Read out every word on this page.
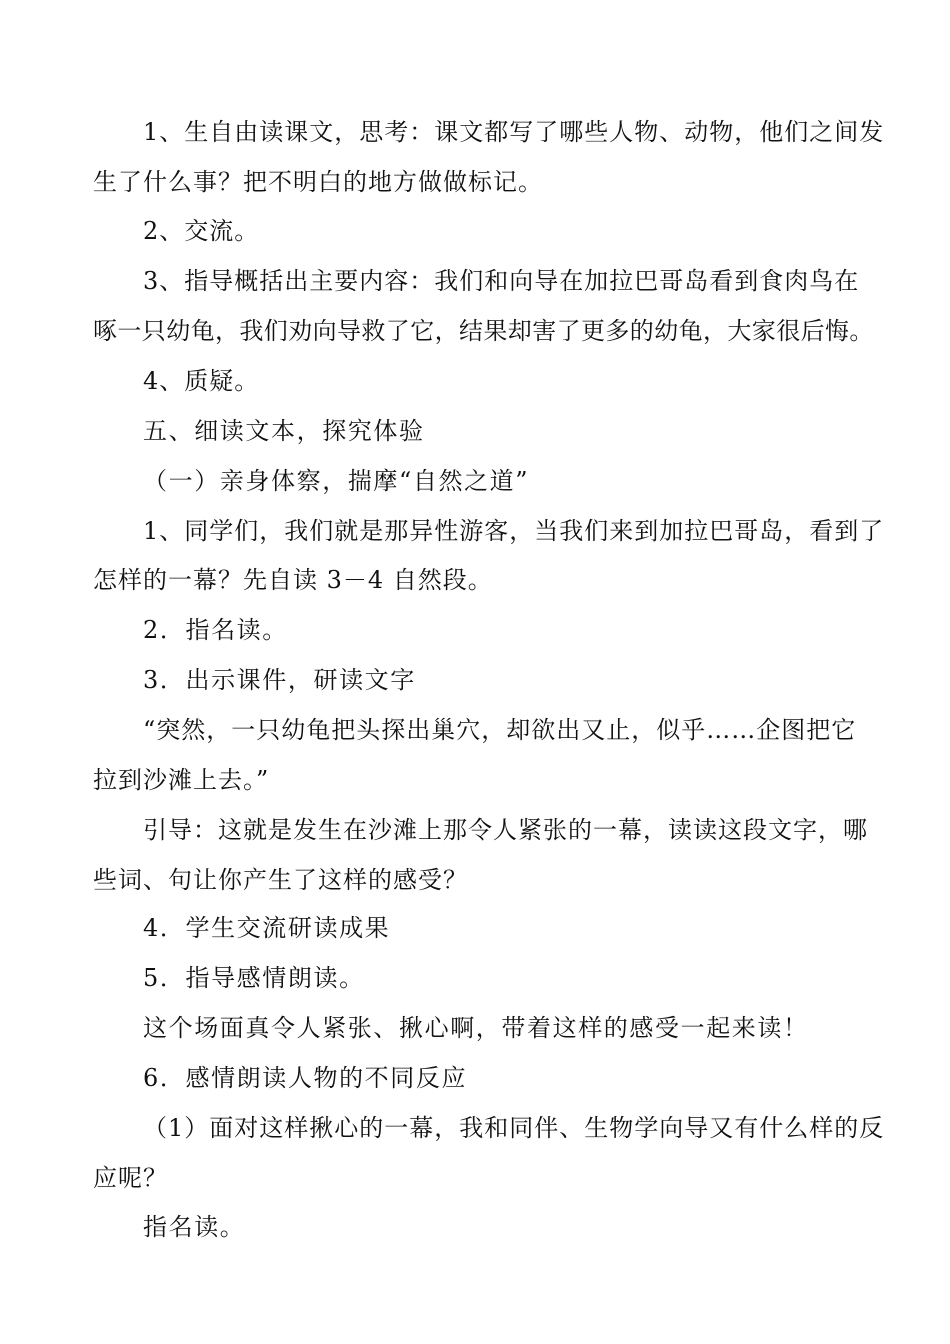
1、生自由读课文，思考：课文都写了哪些人物、动物，他们之间发
生了什么事？把不明白的地方做做标记。
2、交流。
3、指导概括出主要内容：我们和向导在加拉巴哥岛看到食肉鸟在
啄一只幼龟，我们劝向导救了它，结果却害了更多的幼龟，大家很后悔。
4、质疑。
五、细读文本，探究体验
（一）亲身体察，揣摩“自然之道”
1、同学们，我们就是那异性游客，当我们来到加拉巴哥岛，看到了
怎样的一幕？先自读 3－4 自然段。
2．指名读。
3．出示课件，研读文字
“突然，一只幼龟把头探出巢穴，却欲出又止，似乎……企图把它
拉到沙滩上去。”
引导：这就是发生在沙滩上那令人紧张的一幕，读读这段文字，哪
些词、句让你产生了这样的感受？
4．学生交流研读成果
5．指导感情朗读。
这个场面真令人紧张、揪心啊，带着这样的感受一起来读！
6．感情朗读人物的不同反应
（1）面对这样揪心的一幕，我和同伴、生物学向导又有什么样的反
应呢？
指名读。
